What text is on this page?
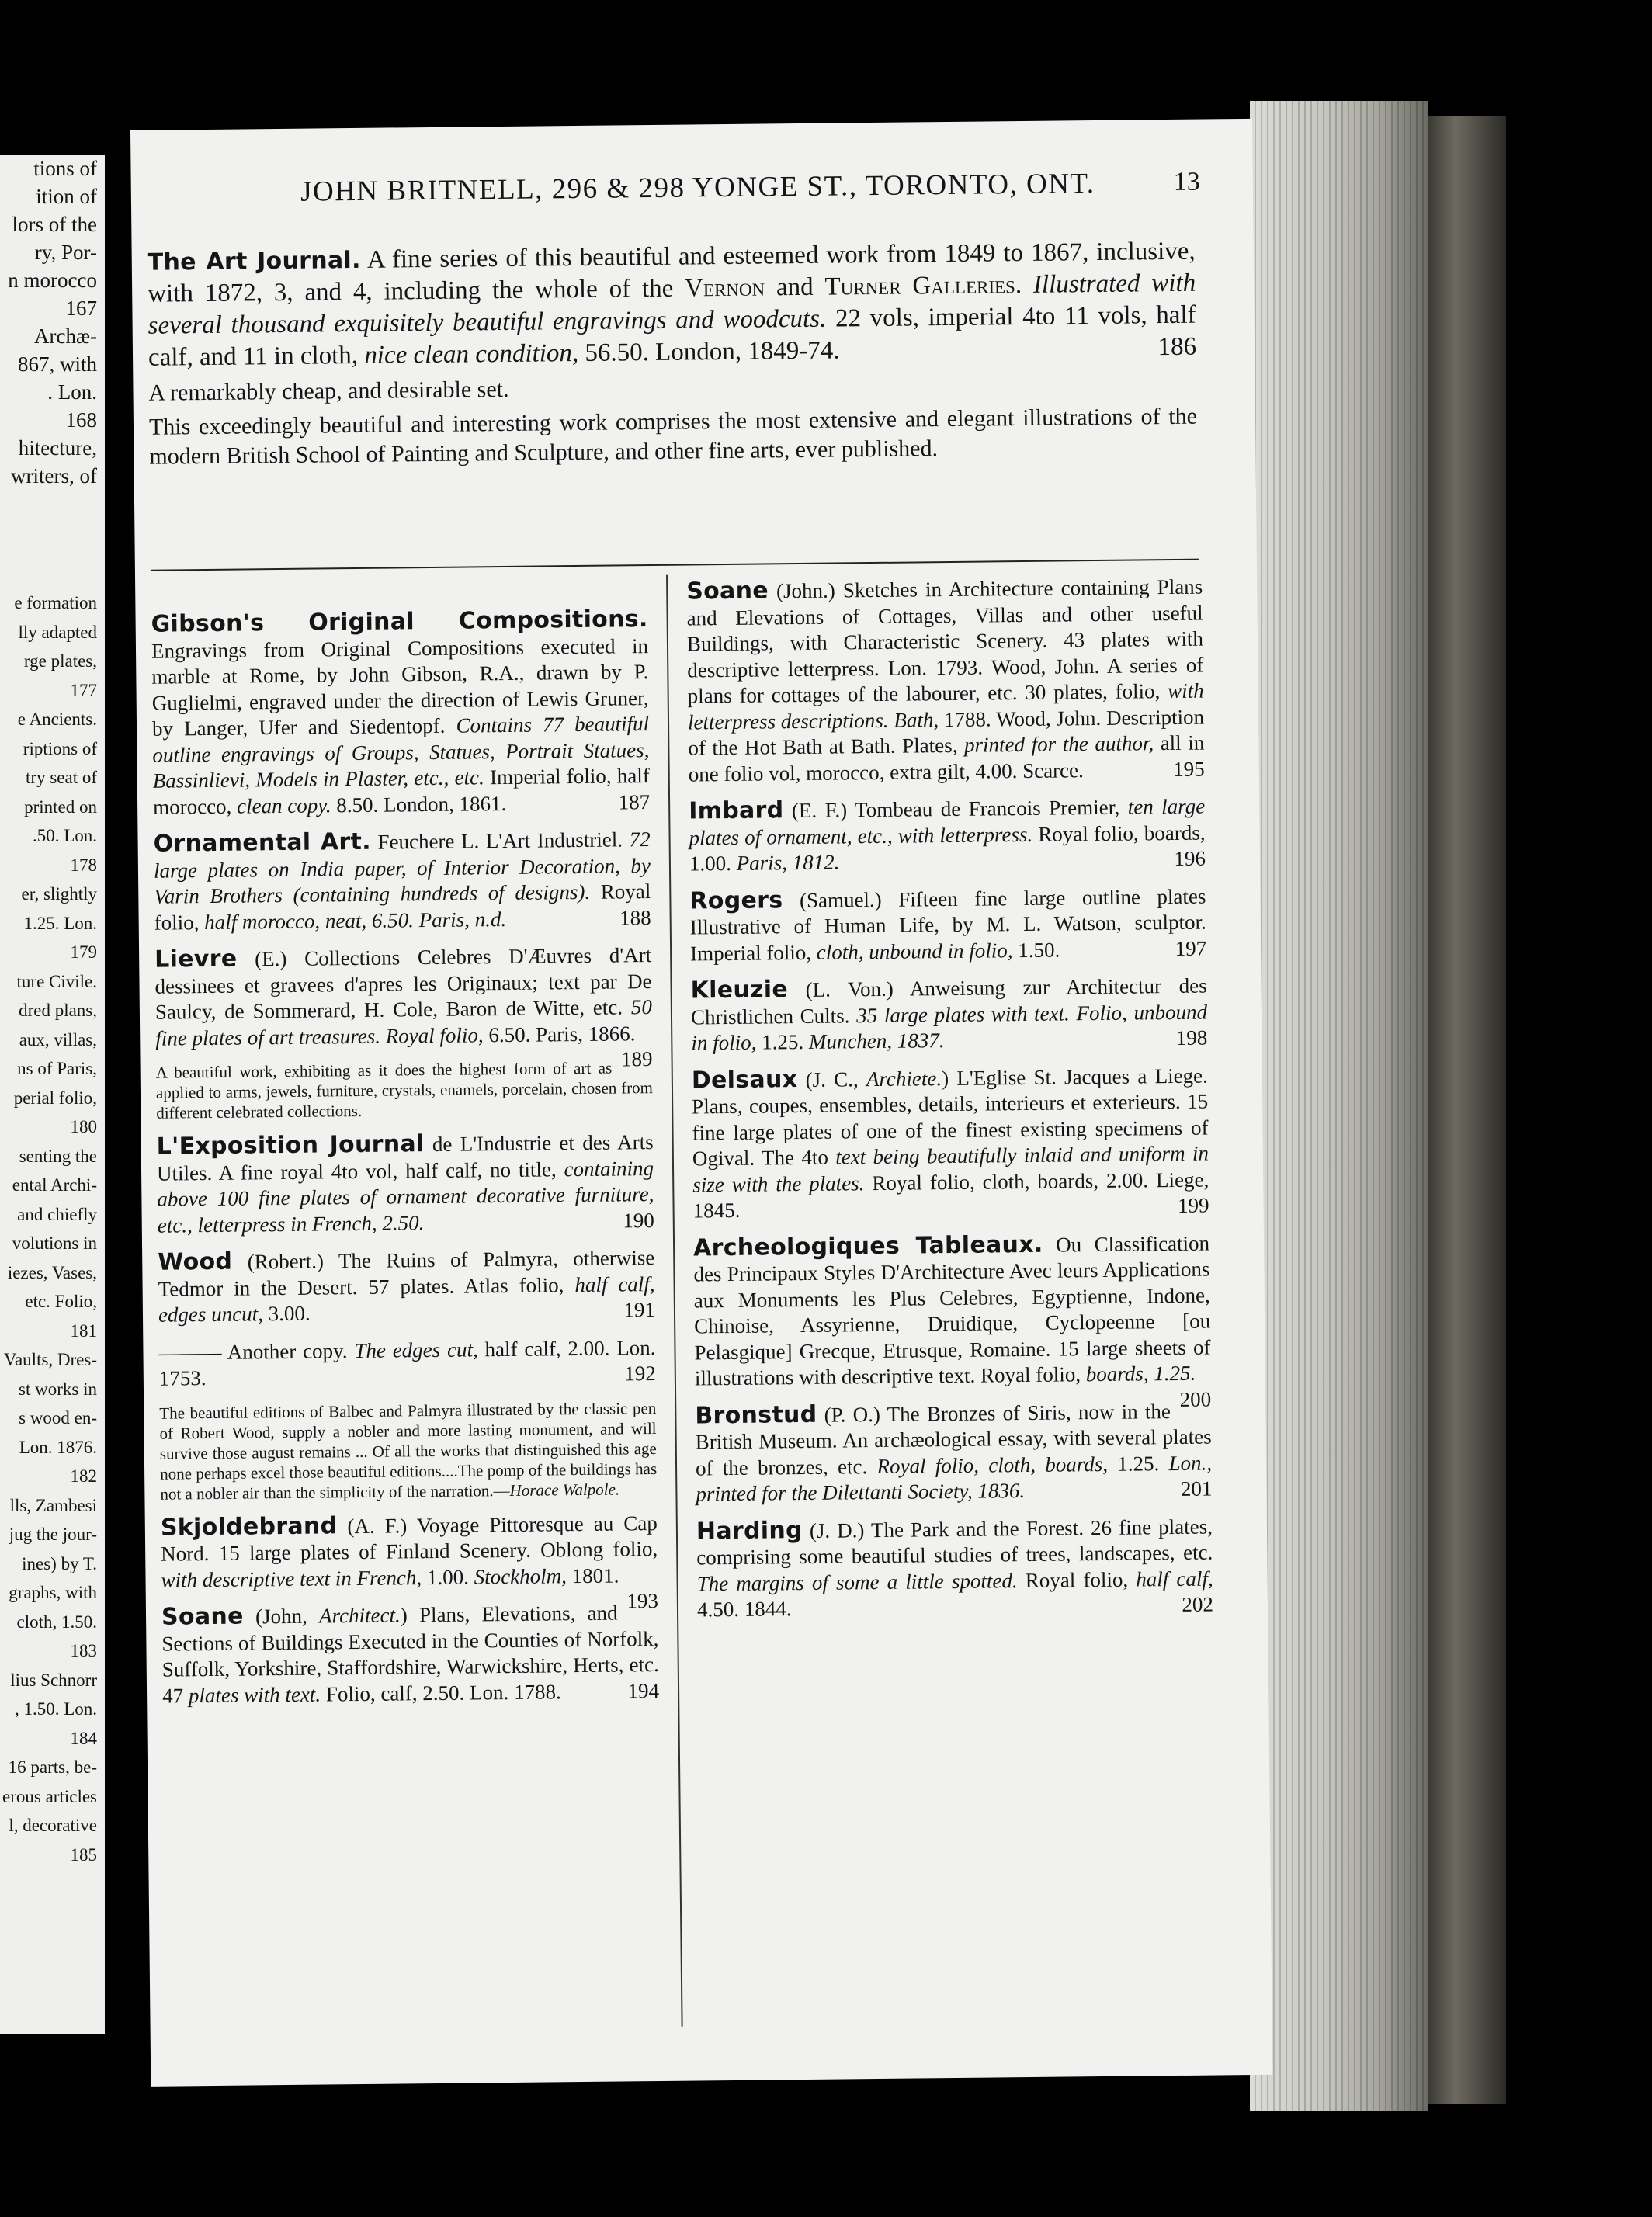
tions of
ition of
lors of the
ry, Por-
n morocco
167
Archæ-
867, with
. Lon.
168
hitecture,
writers, of
e formation
lly adapted
rge plates,
177
e Ancients.
riptions of
try seat of
printed on
.50. Lon.
178
er, slightly
1.25. Lon.
179
ture Civile.
dred plans,
aux, villas,
ns of Paris,
perial folio,
180
senting the
ental Archi-
and chiefly
volutions in
iezes, Vases,
etc. Folio,
181
Vaults, Dres-
st works in
s wood en-
Lon. 1876.
182
lls, Zambesi
jug the jour-
ines) by T.
graphs, with
cloth, 1.50.
183
lius Schnorr
, 1.50. Lon.
184
16 parts, be-
erous articles
l, decorative
185
JOHN BRITNELL, 296 & 298 YONGE ST., TORONTO, ONT.	13

The Art Journal. A fine series of this beautiful and esteemed work from 1849 to 1867, inclusive, with 1872, 3, and 4, including the whole of the Vernon and Turner Galleries. Illustrated with several thousand exquisitely beautiful engravings and woodcuts. 22 vols, imperial 4to 11 vols, half calf, and 11 in cloth, nice clean condition, 56.50. London, 1849-74.	186

A remarkably cheap, and desirable set.

This exceedingly beautiful and interesting work comprises the most extensive and elegant illustrations of the modern British School of Painting and Sculpture, and other fine arts, ever published.

Gibson's Original Compositions. Engravings from Original Compositions executed in marble at Rome, by John Gibson, R.A., drawn by P. Guglielmi, engraved under the direction of Lewis Gruner, by Langer, Ufer and Siedentopf. Contains 77 beautiful outline engravings of Groups, Statues, Portrait Statues, Bassinlievi, Models in Plaster, etc., etc. Imperial folio, half morocco, clean copy. 8.50. London, 1861.	187

Ornamental Art. Feuchere L. L'Art Industriel. 72 large plates on India paper, of Interior Decoration, by Varin Brothers (containing hundreds of designs). Royal folio, half morocco, neat, 6.50. Paris, n.d.	188

Lievre (E.) Collections Celebres D'Æuvres d'Art dessinees et gravees d'apres les Originaux; text par De Saulcy, de Sommerard, H. Cole, Baron de Witte, etc. 50 fine plates of art treasures. Royal folio, 6.50. Paris, 1866.
189

A beautiful work, exhibiting as it does the highest form of art as applied to arms, jewels, furniture, crystals, enamels, porcelain, chosen from different celebrated collections.

L'Exposition Journal de L'Industrie et des Arts Utiles. A fine royal 4to vol, half calf, no title, containing above 100 fine plates of ornament decorative furniture, etc., letterpress in French, 2.50.	190

Wood (Robert.) The Ruins of Palmyra, otherwise Tedmor in the Desert. 57 plates. Atlas folio, half calf, edges uncut, 3.00.	191

——— Another copy. The edges cut, half calf, 2.00. Lon. 1753.	192

The beautiful editions of Balbec and Palmyra illustrated by the classic pen of Robert Wood, supply a nobler and more lasting monument, and will survive those august remains ... Of all the works that distinguished this age none perhaps excel those beautiful editions....The pomp of the buildings has not a nobler air than the simplicity of the narration.—Horace Walpole.

Skjoldebrand (A. F.) Voyage Pittoresque au Cap Nord. 15 large plates of Finland Scenery. Oblong folio, with descriptive text in French, 1.00. Stockholm, 1801.
193

Soane (John, Architect.) Plans, Elevations, and Sections of Buildings Executed in the Counties of Norfolk, Suffolk, Yorkshire, Staffordshire, Warwickshire, Herts, etc. 47 plates with text. Folio, calf, 2.50. Lon. 1788.	194

Soane (John.) Sketches in Architecture containing Plans and Elevations of Cottages, Villas and other useful Buildings, with Characteristic Scenery. 43 plates with descriptive letterpress. Lon. 1793. Wood, John. A series of plans for cottages of the labourer, etc. 30 plates, folio, with letterpress descriptions. Bath, 1788. Wood, John. Description of the Hot Bath at Bath. Plates, printed for the author, all in one folio vol, morocco, extra gilt, 4.00. Scarce.	195

Imbard (E. F.) Tombeau de Francois Premier, ten large plates of ornament, etc., with letterpress. Royal folio, boards, 1.00. Paris, 1812.	196

Rogers (Samuel.) Fifteen fine large outline plates Illustrative of Human Life, by M. L. Watson, sculptor. Imperial folio, cloth, unbound in folio, 1.50.	197

Kleuzie (L. Von.) Anweisung zur Architectur des Christlichen Cults. 35 large plates with text. Folio, unbound in folio, 1.25. Munchen, 1837.	198

Delsaux (J. C., Archiete.) L'Eglise St. Jacques a Liege. Plans, coupes, ensembles, details, interieurs et exterieurs. 15 fine large plates of one of the finest existing specimens of Ogival. The 4to text being beautifully inlaid and uniform in size with the plates. Royal folio, cloth, boards, 2.00. Liege, 1845.	199

Archeologiques Tableaux. Ou Classification des Principaux Styles D'Architecture Avec leurs Applications aux Monuments les Plus Celebres, Egyptienne, Indone, Chinoise, Assyrienne, Druidique, Cyclopeenne [ou Pelasgique] Grecque, Etrusque, Romaine. 15 large sheets of illustrations with descriptive text. Royal folio, boards, 1.25.
200

Bronstud (P. O.) The Bronzes of Siris, now in the British Museum. An archæological essay, with several plates of the bronzes, etc. Royal folio, cloth, boards, 1.25. Lon., printed for the Dilettanti Society, 1836.	201

Harding (J. D.) The Park and the Forest. 26 fine plates, comprising some beautiful studies of trees, landscapes, etc. The margins of some a little spotted. Royal folio, half calf, 4.50. 1844.	202
